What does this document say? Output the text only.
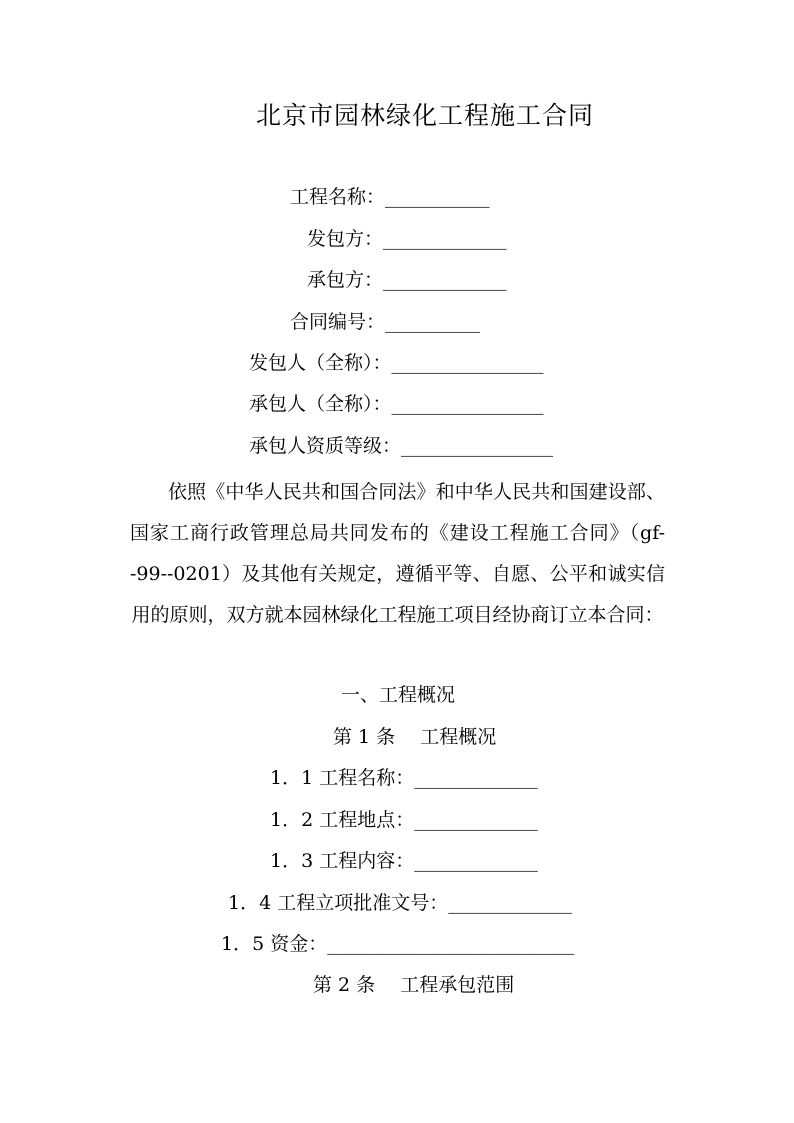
北京市园林绿化工程施工合同
工程名称：___________
发包方：_____________
承包方：_____________
合同编号：__________
发包人（全称）：________________
承包人（全称）：________________
承包人资质等级：________________
依照《中华人民共和国合同法》和中华人民共和国建设部、国家工商行政管理总局共同发布的《建设工程施工合同》（gf--99--0201）及其他有关规定，遵循平等、自愿、公平和诚实信用的原则，双方就本园林绿化工程施工项目经协商订立本合同：
一、工程概况
第 1 条　 工程概况
1．1 工程名称：_____________
1．2 工程地点：_____________
1．3 工程内容：_____________
1．4 工程立项批准文号：_____________
1．5 资金：__________________________
第 2 条　 工程承包范围
